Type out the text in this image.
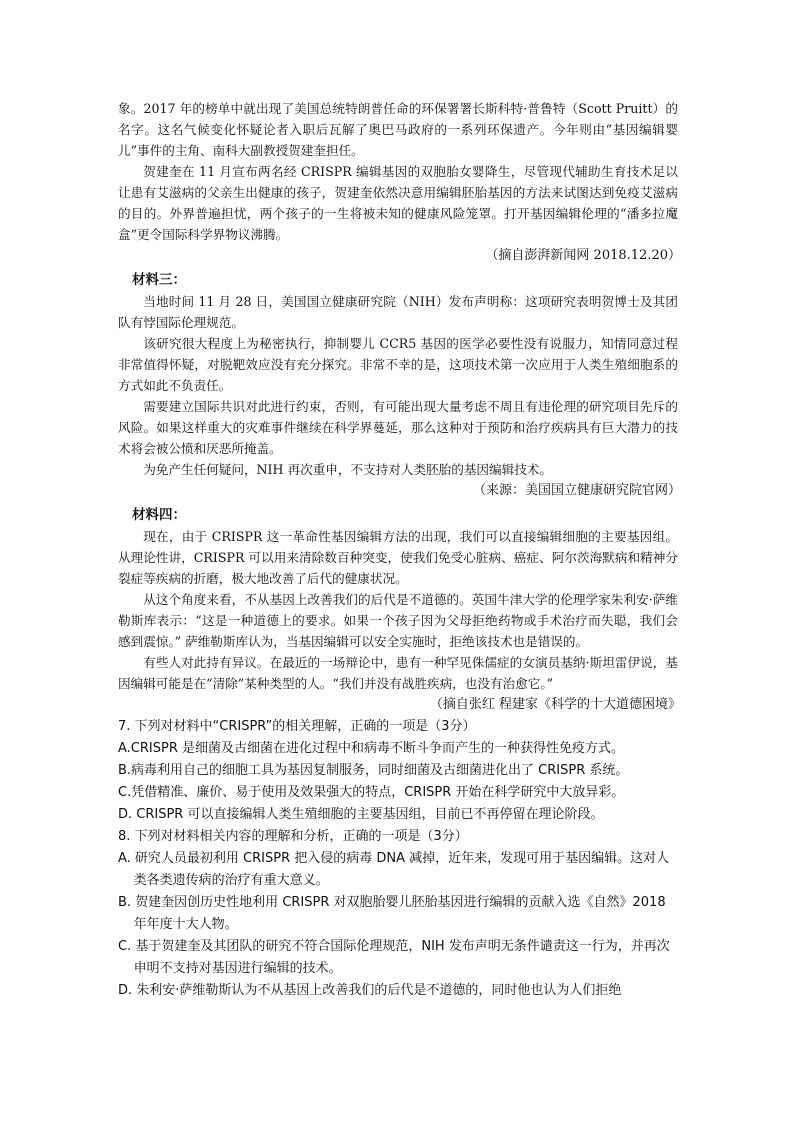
象。2017 年的榜单中就出现了美国总统特朗普任命的环保署署长斯科特·普鲁特（Scott Pruitt）的名字。这名气候变化怀疑论者入职后瓦解了奥巴马政府的一系列环保遗产。今年则由“基因编辑婴儿”事件的主角、南科大副教授贺建奎担任。

贺建奎在 11 月宣布两名经 CRISPR 编辑基因的双胞胎女婴降生，尽管现代辅助生育技术足以让患有艾滋病的父亲生出健康的孩子，贺建奎依然决意用编辑胚胎基因的方法来试图达到免疫艾滋病的目的。外界普遍担忧，两个孩子的一生将被未知的健康风险笼罩。打开基因编辑伦理的“潘多拉魔盒”更令国际科学界物议沸腾。

（摘自澎湃新闻网 2018.12.20）

材料三：

当地时间 11 月 28 日，美国国立健康研究院（NIH）发布声明称：这项研究表明贺博士及其团队有悖国际伦理规范。

该研究很大程度上为秘密执行，抑制婴儿 CCR5 基因的医学必要性没有说服力，知情同意过程非常值得怀疑，对脱靶效应没有充分探究。非常不幸的是，这项技术第一次应用于人类生殖细胞系的方式如此不负责任。

需要建立国际共识对此进行约束，否则，有可能出现大量考虑不周且有违伦理的研究项目先斥的风险。如果这样重大的灾难事件继续在科学界蔓延，那么这种对于预防和治疗疾病具有巨大潜力的技术将会被公愤和厌恶所掩盖。

为免产生任何疑问，NIH 再次重申，不支持对人类胚胎的基因编辑技术。

（来源：美国国立健康研究院官网）

材料四：

现在，由于 CRISPR 这一革命性基因编辑方法的出现，我们可以直接编辑细胞的主要基因组。从理论性讲，CRISPR 可以用来清除数百种突变，使我们免受心脏病、癌症、阿尔茨海默病和精神分裂症等疾病的折磨，极大地改善了后代的健康状况。

从这个角度来看，不从基因上改善我们的后代是不道德的。英国牛津大学的伦理学家朱利安·萨维勒斯库表示：“这是一种道德上的要求。如果一个孩子因为父母拒绝药物或手术治疗而失聪，我们会感到震惊。” 萨维勒斯库认为，当基因编辑可以安全实施时，拒绝该技术也是错误的。

有些人对此持有异议。在最近的一场辩论中，患有一种罕见侏儒症的女演员基纳·斯坦雷伊说，基因编辑可能是在“清除”某种类型的人。“我们并没有战胜疾病，也没有治愈它。”

（摘自张红 程建家《科学的十大道德困境》

7. 下列对材料中“CRISPR”的相关理解，正确的一项是（3分）

A.CRISPR 是细菌及古细菌在进化过程中和病毒不断斗争而产生的一种获得性免疫方式。

B.病毒利用自己的细胞工具为基因复制服务，同时细菌及古细菌进化出了 CRISPR 系统。

C.凭借精准、廉价、易于使用及效果强大的特点，CRISPR 开始在科学研究中大放异彩。

D. CRISPR 可以直接编辑人类生殖细胞的主要基因组，目前已不再停留在理论阶段。

8. 下列对材料相关内容的理解和分析，正确的一项是（3分）

A. 研究人员最初利用 CRISPR 把入侵的病毒 DNA 减掉，近年来，发现可用于基因编辑。这对人类各类遗传病的治疗有重大意义。

B. 贺建奎因创历史性地利用 CRISPR 对双胞胎婴儿胚胎基因进行编辑的贡献入选《自然》2018 年年度十大人物。

C. 基于贺建奎及其团队的研究不符合国际伦理规范，NIH 发布声明无条件谴责这一行为，并再次申明不支持对基因进行编辑的技术。

D. 朱利安·萨维勒斯认为不从基因上改善我们的后代是不道德的，同时他也认为人们拒绝
